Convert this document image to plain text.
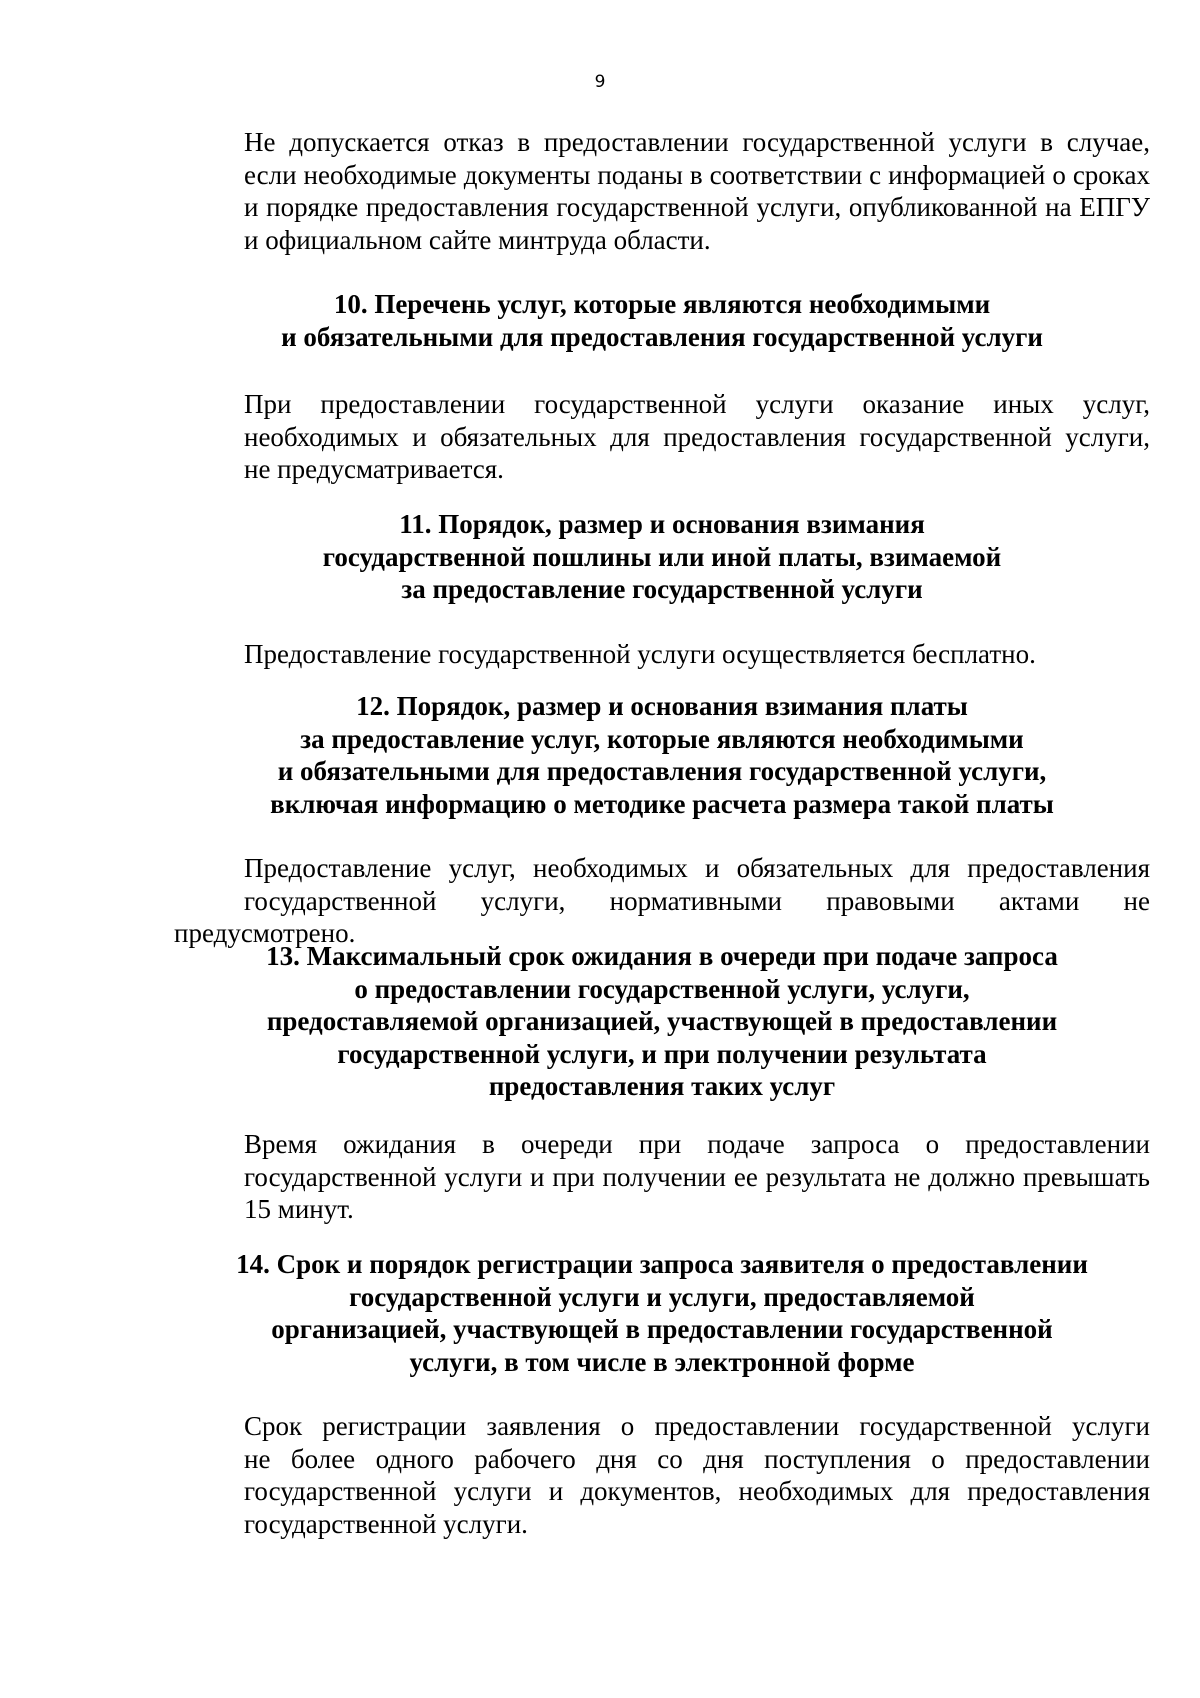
9
Не допускается отказ в предоставлении государственной услуги в случае,
если необходимые документы поданы в соответствии с информацией о сроках
и порядке предоставления государственной услуги, опубликованной на ЕПГУ
и официальном сайте минтруда области.
10. Перечень услуг, которые являются необходимыми
и обязательными для предоставления государственной услуги
При предоставлении государственной услуги оказание иных услуг,
необходимых и обязательных для предоставления государственной услуги,
не предусматривается.
11. Порядок, размер и основания взимания
государственной пошлины или иной платы, взимаемой
за предоставление государственной услуги
Предоставление государственной услуги осуществляется бесплатно.
12. Порядок, размер и основания взимания платы
за предоставление услуг, которые являются необходимыми
и обязательными для предоставления государственной услуги,
включая информацию о методике расчета размера такой платы
Предоставление услуг, необходимых и обязательных для предоставления
государственной услуги, нормативными правовыми актами не предусмотрено.
13. Максимальный срок ожидания в очереди при подаче запроса
о предоставлении государственной услуги, услуги,
предоставляемой организацией, участвующей в предоставлении
государственной услуги, и при получении результата
предоставления таких услуг
Время ожидания в очереди при подаче запроса о предоставлении
государственной услуги и при получении ее результата не должно превышать
15 минут.
14. Срок и порядок регистрации запроса заявителя о предоставлении
государственной услуги и услуги, предоставляемой
организацией, участвующей в предоставлении государственной
услуги, в том числе в электронной форме
Срок регистрации заявления о предоставлении государственной услуги
не более одного рабочего дня со дня поступления о предоставлении
государственной услуги и документов, необходимых для предоставления
государственной услуги.
